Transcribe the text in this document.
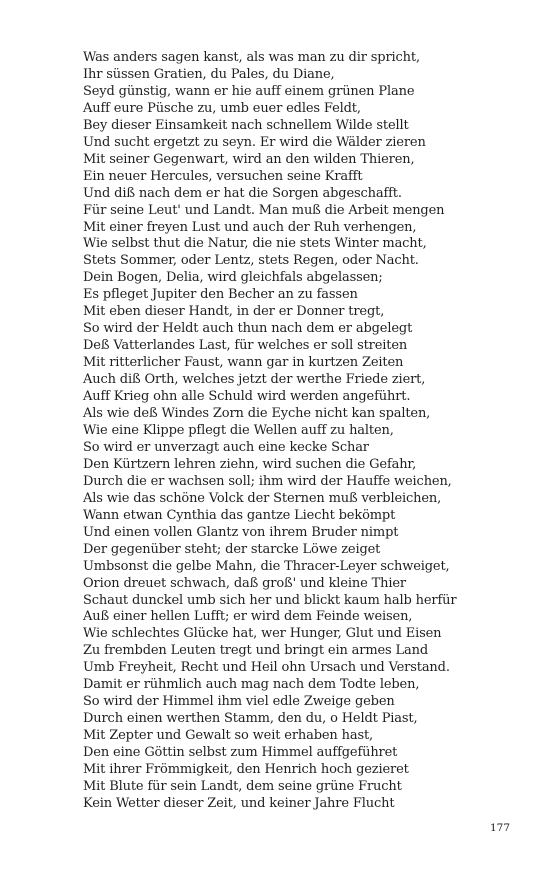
Was anders sagen kanst, als was man zu dir spricht,
Ihr süssen Gratien, du Pales, du Diane,
Seyd günstig, wann er hie auff einem grünen Plane
Auff eure Püsche zu, umb euer edles Feldt,
Bey dieser Einsamkeit nach schnellem Wilde stellt
Und sucht ergetzt zu seyn. Er wird die Wälder zieren
Mit seiner Gegenwart, wird an den wilden Thieren,
Ein neuer Hercules, versuchen seine Krafft
Und diß nach dem er hat die Sorgen abgeschafft.
Für seine Leut' und Landt. Man muß die Arbeit mengen
Mit einer freyen Lust und auch der Ruh verhengen,
Wie selbst thut die Natur, die nie stets Winter macht,
Stets Sommer, oder Lentz, stets Regen, oder Nacht.
Dein Bogen, Delia, wird gleichfals abgelassen;
Es pfleget Jupiter den Becher an zu fassen
Mit eben dieser Handt, in der er Donner tregt,
So wird der Heldt auch thun nach dem er abgelegt
Deß Vatterlandes Last, für welches er soll streiten
Mit ritterlicher Faust, wann gar in kurtzen Zeiten
Auch diß Orth, welches jetzt der werthe Friede ziert,
Auff Krieg ohn alle Schuld wird werden angeführt.
Als wie deß Windes Zorn die Eyche nicht kan spalten,
Wie eine Klippe pflegt die Wellen auff zu halten,
So wird er unverzagt auch eine kecke Schar
Den Kürtzern lehren ziehn, wird suchen die Gefahr,
Durch die er wachsen soll; ihm wird der Hauffe weichen,
Als wie das schöne Volck der Sternen muß verbleichen,
Wann etwan Cynthia das gantze Liecht bekömpt
Und einen vollen Glantz von ihrem Bruder nimpt
Der gegenüber steht; der starcke Löwe zeiget
Umbsonst die gelbe Mahn, die Thracer-Leyer schweiget,
Orion dreuet schwach, daß groß' und kleine Thier
Schaut dunckel umb sich her und blickt kaum halb herfür
Auß einer hellen Lufft; er wird dem Feinde weisen,
Wie schlechtes Glücke hat, wer Hunger, Glut und Eisen
Zu frembden Leuten tregt und bringt ein armes Land
Umb Freyheit, Recht und Heil ohn Ursach und Verstand.
Damit er rühmlich auch mag nach dem Todte leben,
So wird der Himmel ihm viel edle Zweige geben
Durch einen werthen Stamm, den du, o Heldt Piast,
Mit Zepter und Gewalt so weit erhaben hast,
Den eine Göttin selbst zum Himmel auffgeführet
Mit ihrer Frömmigkeit, den Henrich hoch gezieret
Mit Blute für sein Landt, dem seine grüne Frucht
Kein Wetter dieser Zeit, und keiner Jahre Flucht
177
